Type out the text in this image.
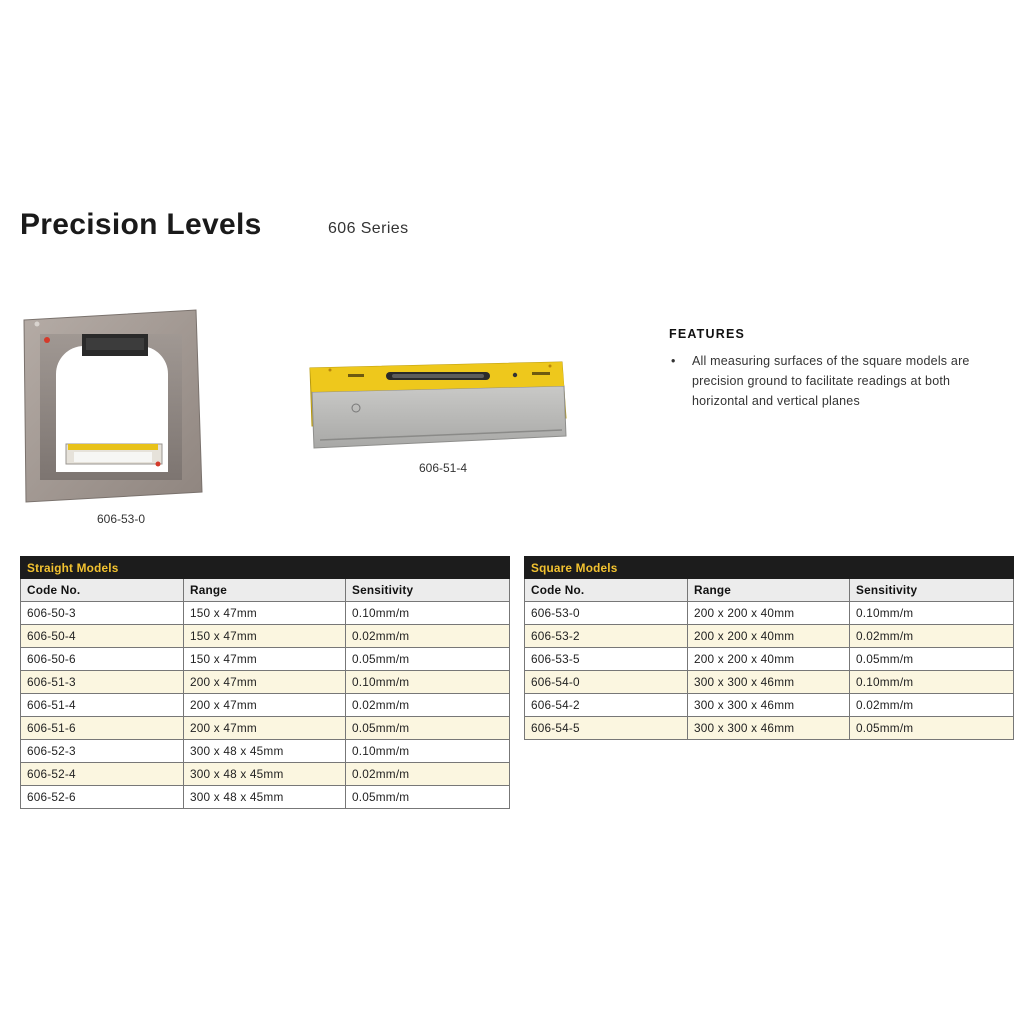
Precision Levels	606 Series
606-53-0
606-51-4
FEATURES
• All measuring surfaces of the square models are precision ground to facilitate readings at both horizontal and vertical planes
Straight Models		
Code No.	Range	Sensitivity
606-50-3	150 x 47mm	0.10mm/m
606-50-4	150 x 47mm	0.02mm/m
606-50-6	150 x 47mm	0.05mm/m
606-51-3	200 x 47mm	0.10mm/m
606-51-4	200 x 47mm	0.02mm/m
606-51-6	200 x 47mm	0.05mm/m
606-52-3	300 x 48 x 45mm	0.10mm/m
606-52-4	300 x 48 x 45mm	0.02mm/m
606-52-6	300 x 48 x 45mm	0.05mm/m
Square Models		
Code No.	Range	Sensitivity
606-53-0	200 x 200 x 40mm	0.10mm/m
606-53-2	200 x 200 x 40mm	0.02mm/m
606-53-5	200 x 200 x 40mm	0.05mm/m
606-54-0	300 x 300 x 46mm	0.10mm/m
606-54-2	300 x 300 x 46mm	0.02mm/m
606-54-5	300 x 300 x 46mm	0.05mm/m
